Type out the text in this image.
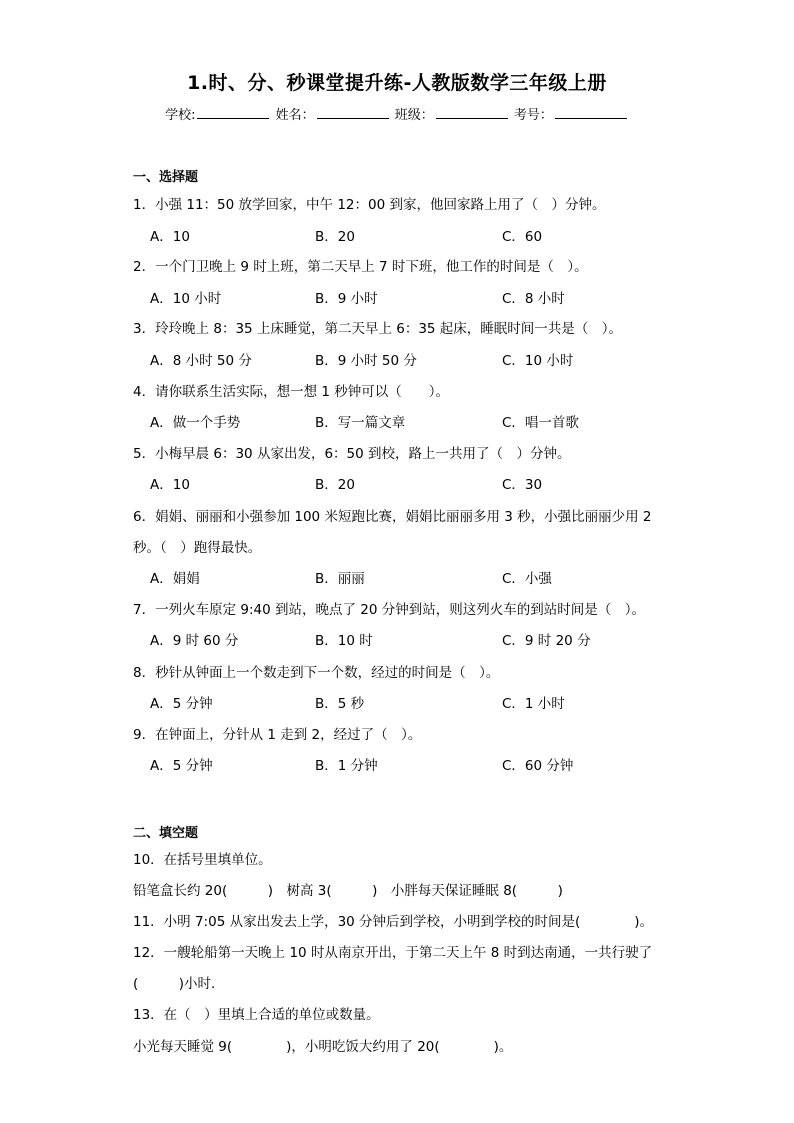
1.时、分、秒课堂提升练-人教版数学三年级上册
学校:	姓名：	班级：	考号：
一、选择题
1．小强 11：50 放学回家，中午 12：00 到家，他回家路上用了（　）分钟。
A．10	B．20	C．60
2．一个门卫晚上 9 时上班，第二天早上 7 时下班，他工作的时间是（　）。
A．10 小时	B．9 小时	C．8 小时
3．玲玲晚上 8：35 上床睡觉，第二天早上 6：35 起床，睡眠时间一共是（　）。
A．8 小时 50 分	B．9 小时 50 分	C．10 小时
4．请你联系生活实际，想一想 1 秒钟可以（　　）。
A．做一个手势	B．写一篇文章	C．唱一首歌
5．小梅早晨 6：30 从家出发，6：50 到校，路上一共用了（　）分钟。
A．10	B．20	C．30
6．娟娟、丽丽和小强参加 100 米短跑比赛，娟娟比丽丽多用 3 秒，小强比丽丽少用 2
秒。（　）跑得最快。
A．娟娟	B．丽丽	C．小强
7．一列火车原定 9:40 到站，晚点了 20 分钟到站，则这列火车的到站时间是（　）。
A．9 时 60 分	B．10 时	C．9 时 20 分
8．秒针从钟面上一个数走到下一个数，经过的时间是（　）。
A．5 分钟	B．5 秒	C．1 小时
9．在钟面上，分针从 1 走到 2，经过了（　）。
A．5 分钟	B．1 分钟	C．60 分钟
二、填空题
10．在括号里填单位。
铅笔盒长约 20(　　　)　树高 3(　　　)　小胖每天保证睡眠 8(　　　)
11．小明 7:05 从家出发去上学，30 分钟后到学校，小明到学校的时间是(　　　　)。
12．一艘轮船第一天晚上 10 时从南京开出，于第二天上午 8 时到达南通，一共行驶了
(　　　)小时．
13．在（　）里填上合适的单位或数量。
小光每天睡觉 9(　　　　)，小明吃饭大约用了 20(　　　　)。
